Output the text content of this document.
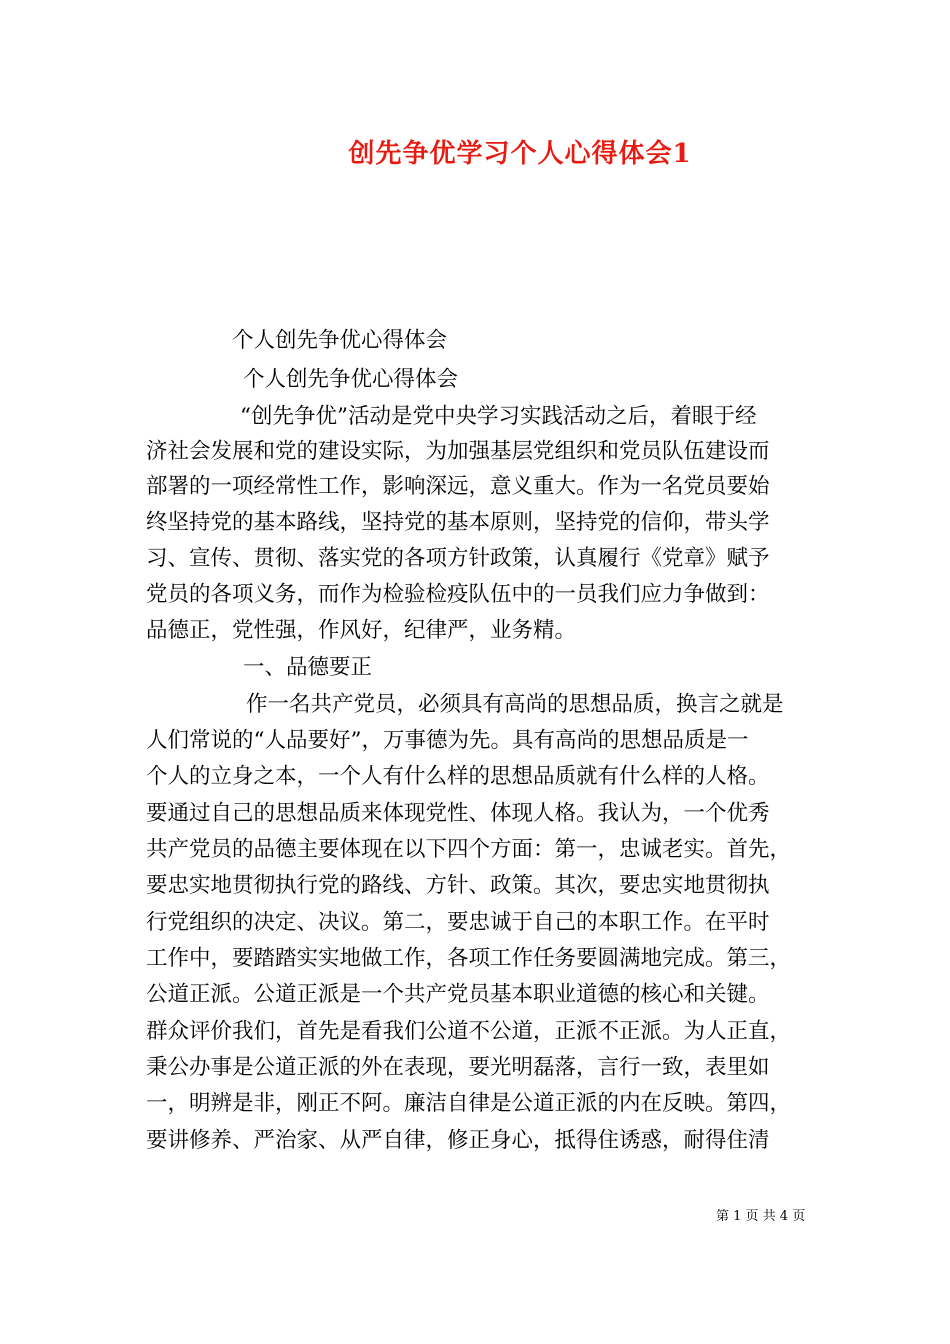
创先争优学习个人心得体会1
个人创先争优心得体会
个人创先争优心得体会
“创先争优”活动是党中央学习实践活动之后，着眼于经
济社会发展和党的建设实际，为加强基层党组织和党员队伍建设而
部署的一项经常性工作，影响深远，意义重大。作为一名党员要始
终坚持党的基本路线，坚持党的基本原则，坚持党的信仰，带头学
习、宣传、贯彻、落实党的各项方针政策，认真履行《党章》赋予
党员的各项义务，而作为检验检疫队伍中的一员我们应力争做到：
品德正，党性强，作风好，纪律严，业务精。
一、品德要正
作一名共产党员，必须具有高尚的思想品质，换言之就是
人们常说的“人品要好”，万事德为先。具有高尚的思想品质是一
个人的立身之本，一个人有什么样的思想品质就有什么样的人格。
要通过自己的思想品质来体现党性、体现人格。我认为，一个优秀
共产党员的品德主要体现在以下四个方面：第一，忠诚老实。首先，
要忠实地贯彻执行党的路线、方针、政策。其次，要忠实地贯彻执
行党组织的决定、决议。第二，要忠诚于自己的本职工作。在平时
工作中，要踏踏实实地做工作，各项工作任务要圆满地完成。第三，
公道正派。公道正派是一个共产党员基本职业道德的核心和关键。
群众评价我们，首先是看我们公道不公道，正派不正派。为人正直，
秉公办事是公道正派的外在表现，要光明磊落，言行一致，表里如
一，明辨是非，刚正不阿。廉洁自律是公道正派的内在反映。第四，
要讲修养、严治家、从严自律，修正身心，抵得住诱惑，耐得住清
第 1 页 共 4 页
